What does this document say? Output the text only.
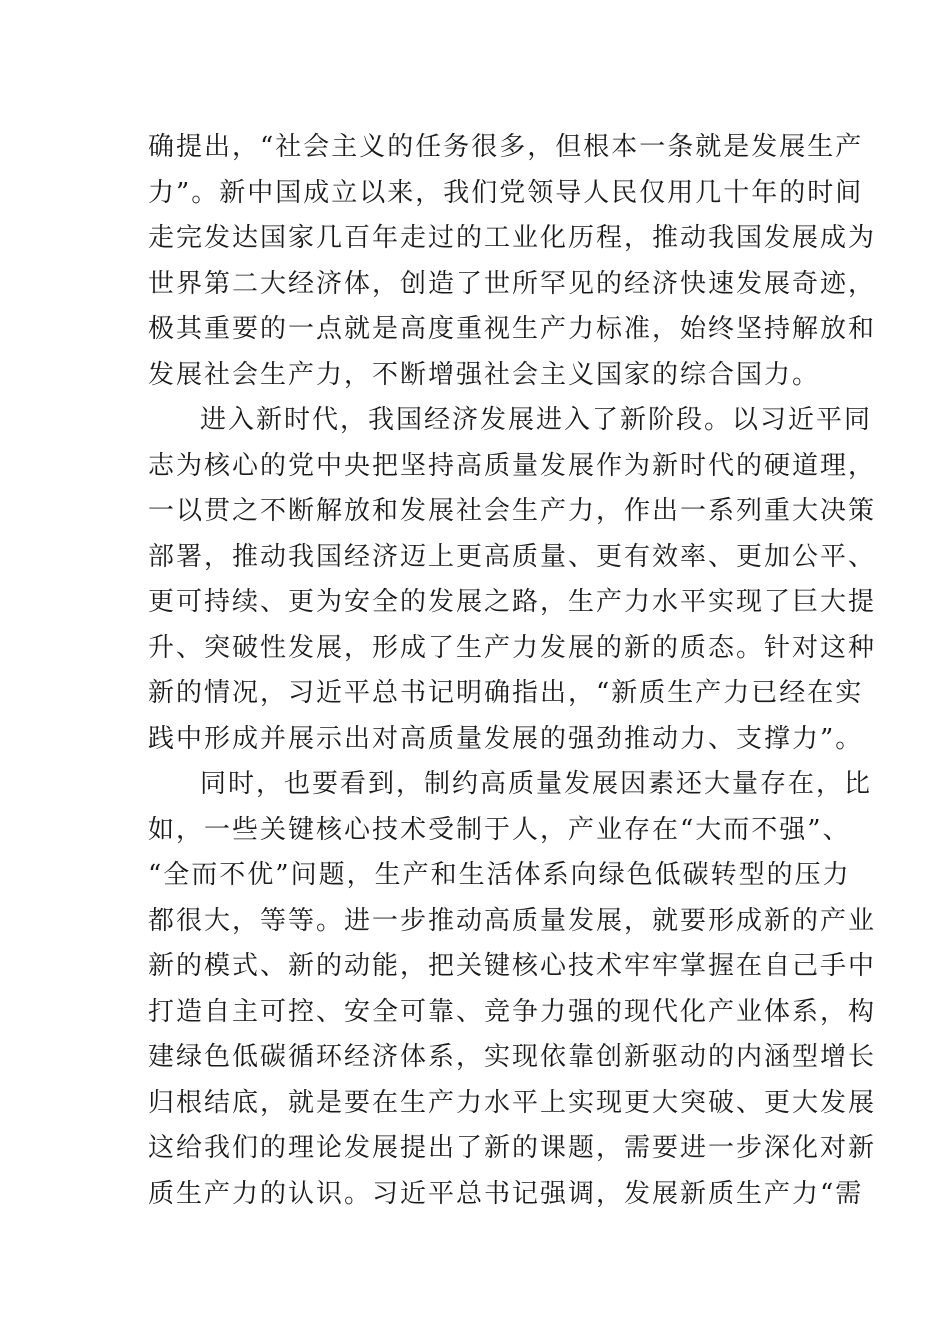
确提出，“社会主义的任务很多，但根本一条就是发展生产
力”。新中国成立以来，我们党领导人民仅用几十年的时间
走完发达国家几百年走过的工业化历程，推动我国发展成为
世界第二大经济体，创造了世所罕见的经济快速发展奇迹，
极其重要的一点就是高度重视生产力标准，始终坚持解放和
发展社会生产力，不断增强社会主义国家的综合国力。
进入新时代，我国经济发展进入了新阶段。以习近平同
志为核心的党中央把坚持高质量发展作为新时代的硬道理，
一以贯之不断解放和发展社会生产力，作出一系列重大决策
部署，推动我国经济迈上更高质量、更有效率、更加公平、
更可持续、更为安全的发展之路，生产力水平实现了巨大提
升、突破性发展，形成了生产力发展的新的质态。针对这种
新的情况，习近平总书记明确指出，“新质生产力已经在实
践中形成并展示出对高质量发展的强劲推动力、支撑力”。
同时，也要看到，制约高质量发展因素还大量存在，比
如，一些关键核心技术受制于人，产业存在“大而不强”、
“全而不优”问题，生产和生活体系向绿色低碳转型的压力
都很大，等等。进一步推动高质量发展，就要形成新的产业
新的模式、新的动能，把关键核心技术牢牢掌握在自己手中
打造自主可控、安全可靠、竞争力强的现代化产业体系，构
建绿色低碳循环经济体系，实现依靠创新驱动的内涵型增长
归根结底，就是要在生产力水平上实现更大突破、更大发展
这给我们的理论发展提出了新的课题，需要进一步深化对新
质生产力的认识。习近平总书记强调，发展新质生产力“需
